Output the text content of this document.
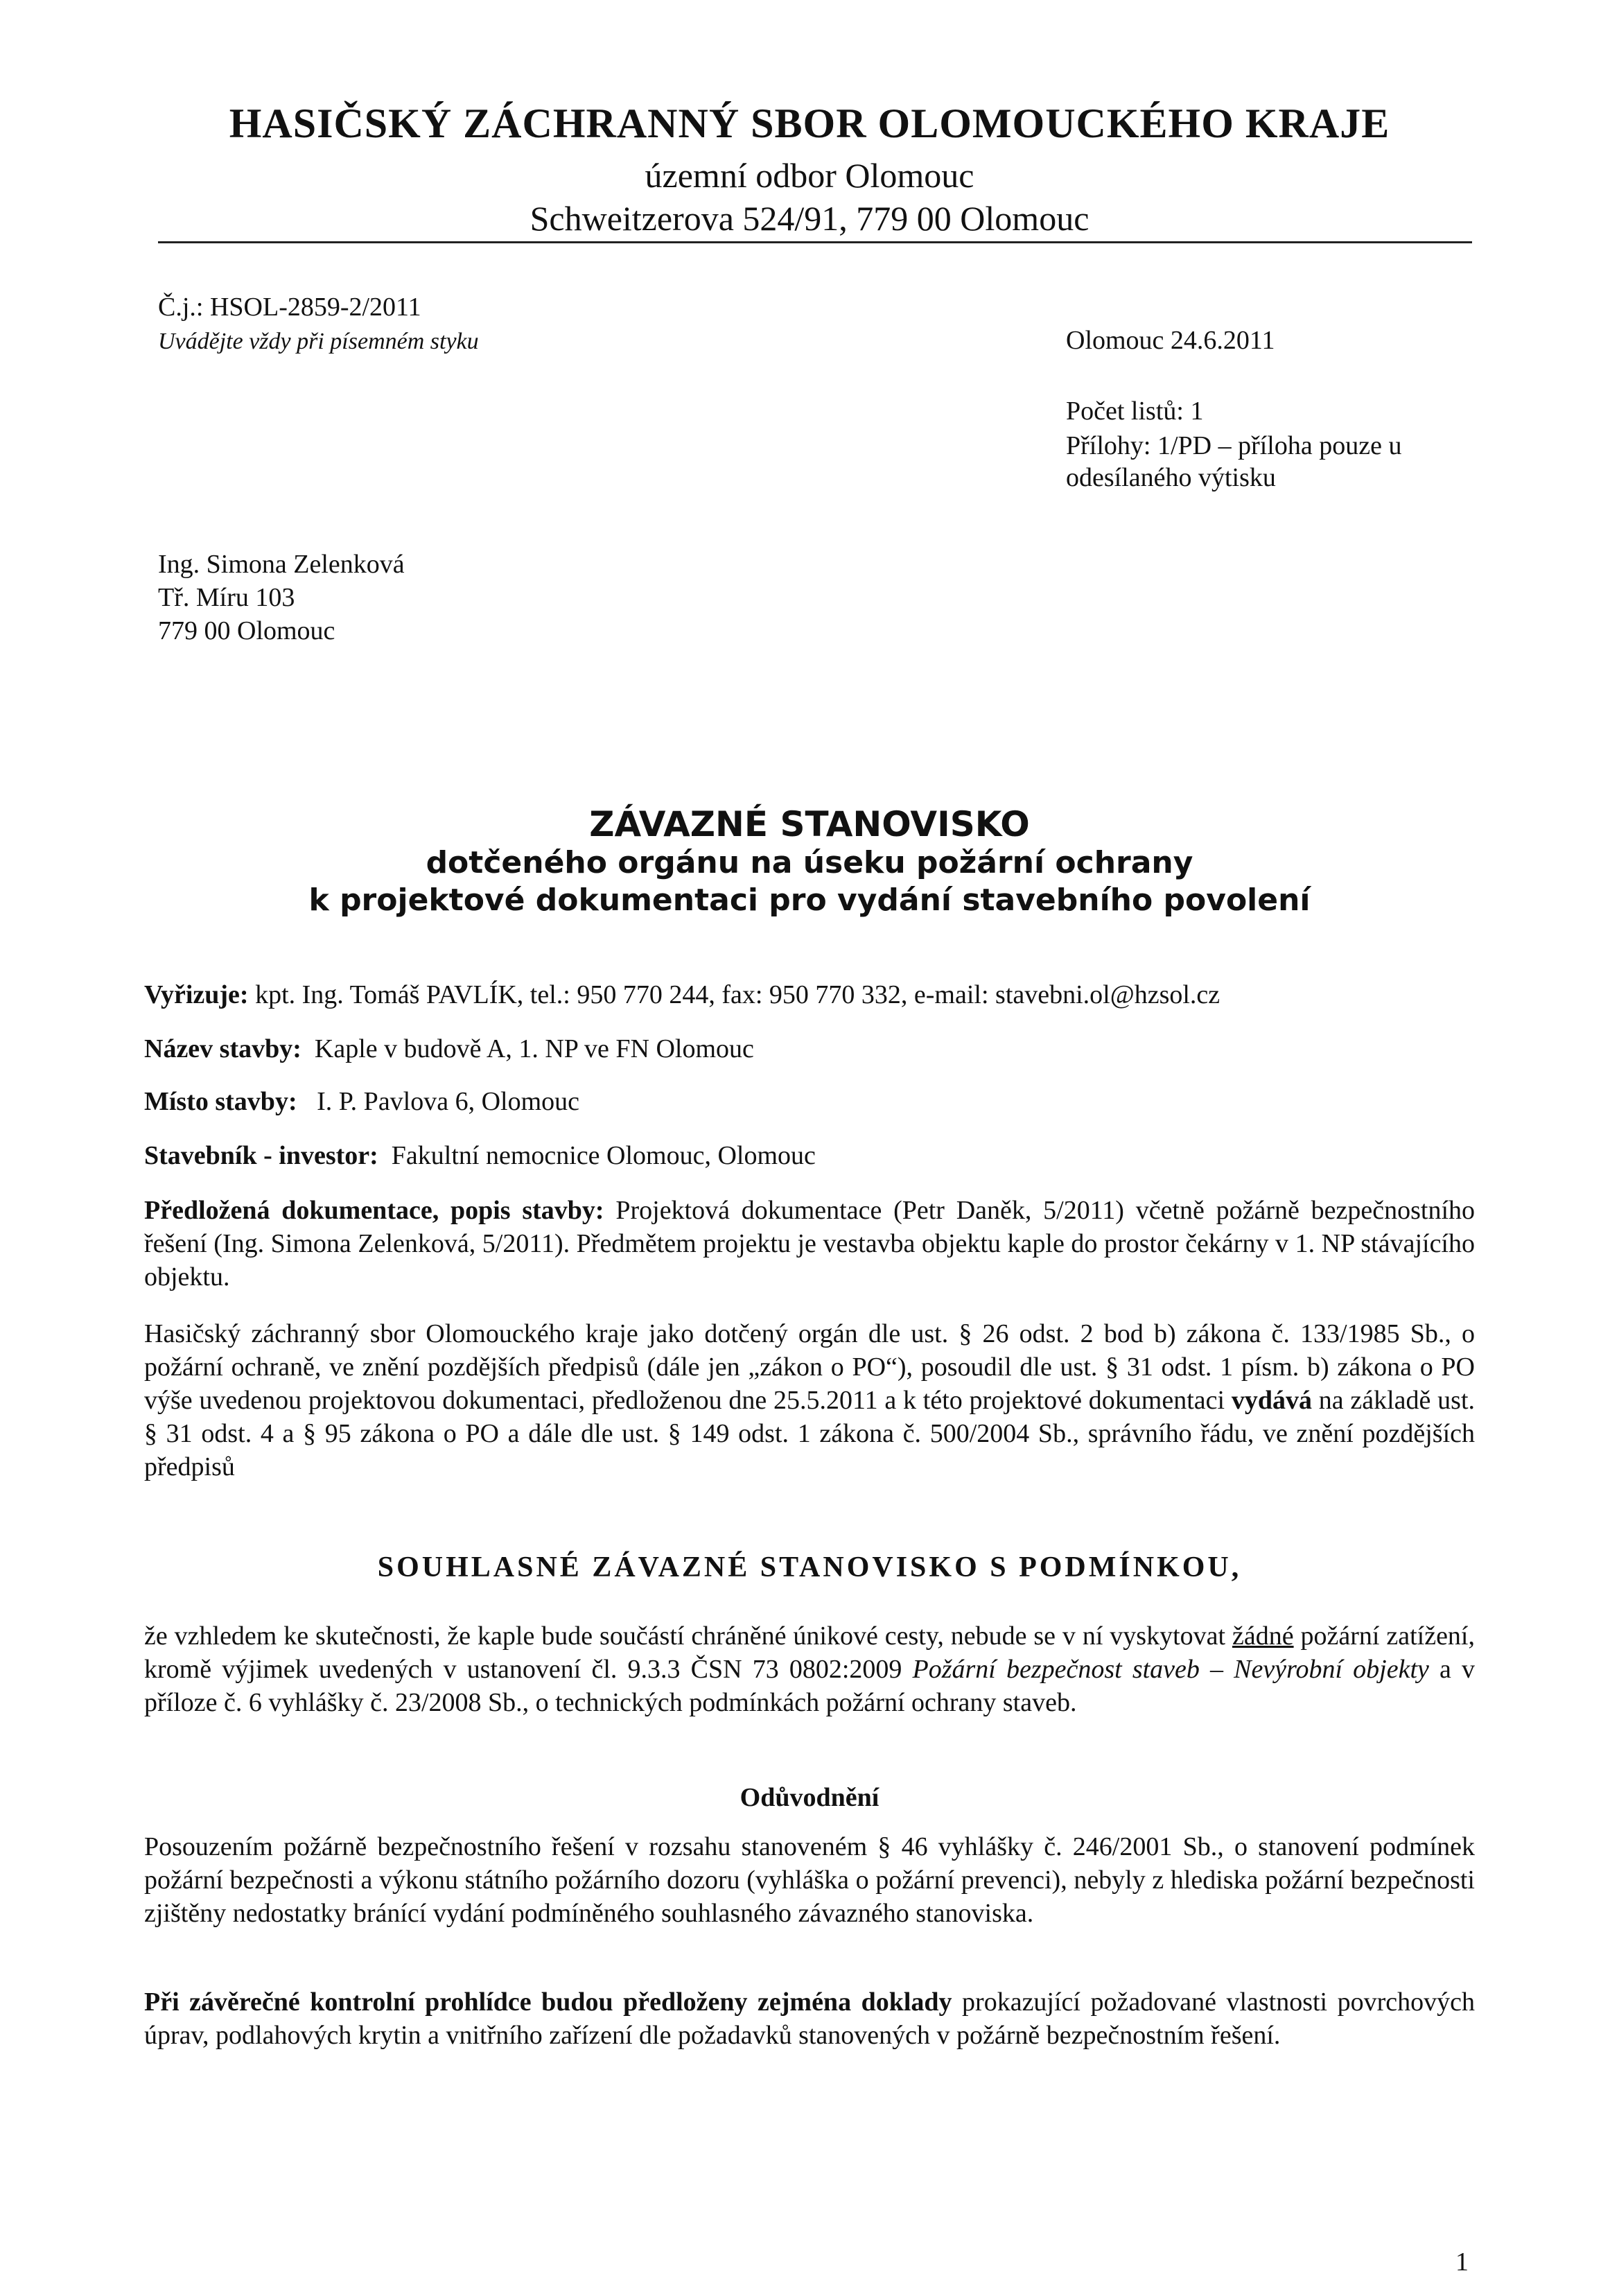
HASIČSKÝ ZÁCHRANNÝ SBOR OLOMOUCKÉHO KRAJE
územní odbor Olomouc
Schweitzerova 524/91, 779 00 Olomouc
Č.j.: HSOL-2859-2/2011
Uvádějte vždy při písemném styku	Olomouc 24.6.2011
Počet listů: 1
Přílohy: 1/PD – příloha pouze u odesílaného výtisku
Ing. Simona Zelenková
Tř. Míru 103
779 00 Olomouc
ZÁVAZNÉ STANOVISKO
dotčeného orgánu na úseku požární ochrany
k projektové dokumentaci pro vydání stavebního povolení
Vyřizuje: kpt. Ing. Tomáš PAVLÍK, tel.: 950 770 244, fax: 950 770 332, e-mail: stavebni.ol@hzsol.cz
Název stavby: Kaple v budově A, 1. NP ve FN Olomouc
Místo stavby: I. P. Pavlova 6, Olomouc
Stavebník - investor: Fakultní nemocnice Olomouc, Olomouc
Předložená dokumentace, popis stavby: Projektová dokumentace (Petr Daněk, 5/2011) včetně požárně bezpečnostního řešení (Ing. Simona Zelenková, 5/2011). Předmětem projektu je vestavba objektu kaple do prostor čekárny v 1. NP stávajícího objektu.
Hasičský záchranný sbor Olomouckého kraje jako dotčený orgán dle ust. § 26 odst. 2 bod b) zákona č. 133/1985 Sb., o požární ochraně, ve znění pozdějších předpisů (dále jen „zákon o PO“), posoudil dle ust. § 31 odst. 1 písm. b) zákona o PO výše uvedenou projektovou dokumentaci, předloženou dne 25.5.2011 a k této projektové dokumentaci vydává na základě ust. § 31 odst. 4 a § 95 zákona o PO a dále dle ust. § 149 odst. 1 zákona č. 500/2004 Sb., správního řádu, ve znění pozdějších předpisů
SOUHLASNÉ ZÁVAZNÉ STANOVISKO S PODMÍNKOU,
že vzhledem ke skutečnosti, že kaple bude součástí chráněné únikové cesty, nebude se v ní vyskytovat žádné požární zatížení, kromě výjimek uvedených v ustanovení čl. 9.3.3 ČSN 73 0802:2009 Požární bezpečnost staveb – Nevýrobní objekty a v příloze č. 6 vyhlášky č. 23/2008 Sb., o technických podmínkách požární ochrany staveb.
Odůvodnění
Posouzením požárně bezpečnostního řešení v rozsahu stanoveném § 46 vyhlášky č. 246/2001 Sb., o stanovení podmínek požární bezpečnosti a výkonu státního požárního dozoru (vyhláška o požární prevenci), nebyly z hlediska požární bezpečnosti zjištěny nedostatky bránící vydání podmíněného souhlasného závazného stanoviska.
Při závěrečné kontrolní prohlídce budou předloženy zejména doklady prokazující požadované vlastnosti povrchových úprav, podlahových krytin a vnitřního zařízení dle požadavků stanovených v požárně bezpečnostním řešení.
1
